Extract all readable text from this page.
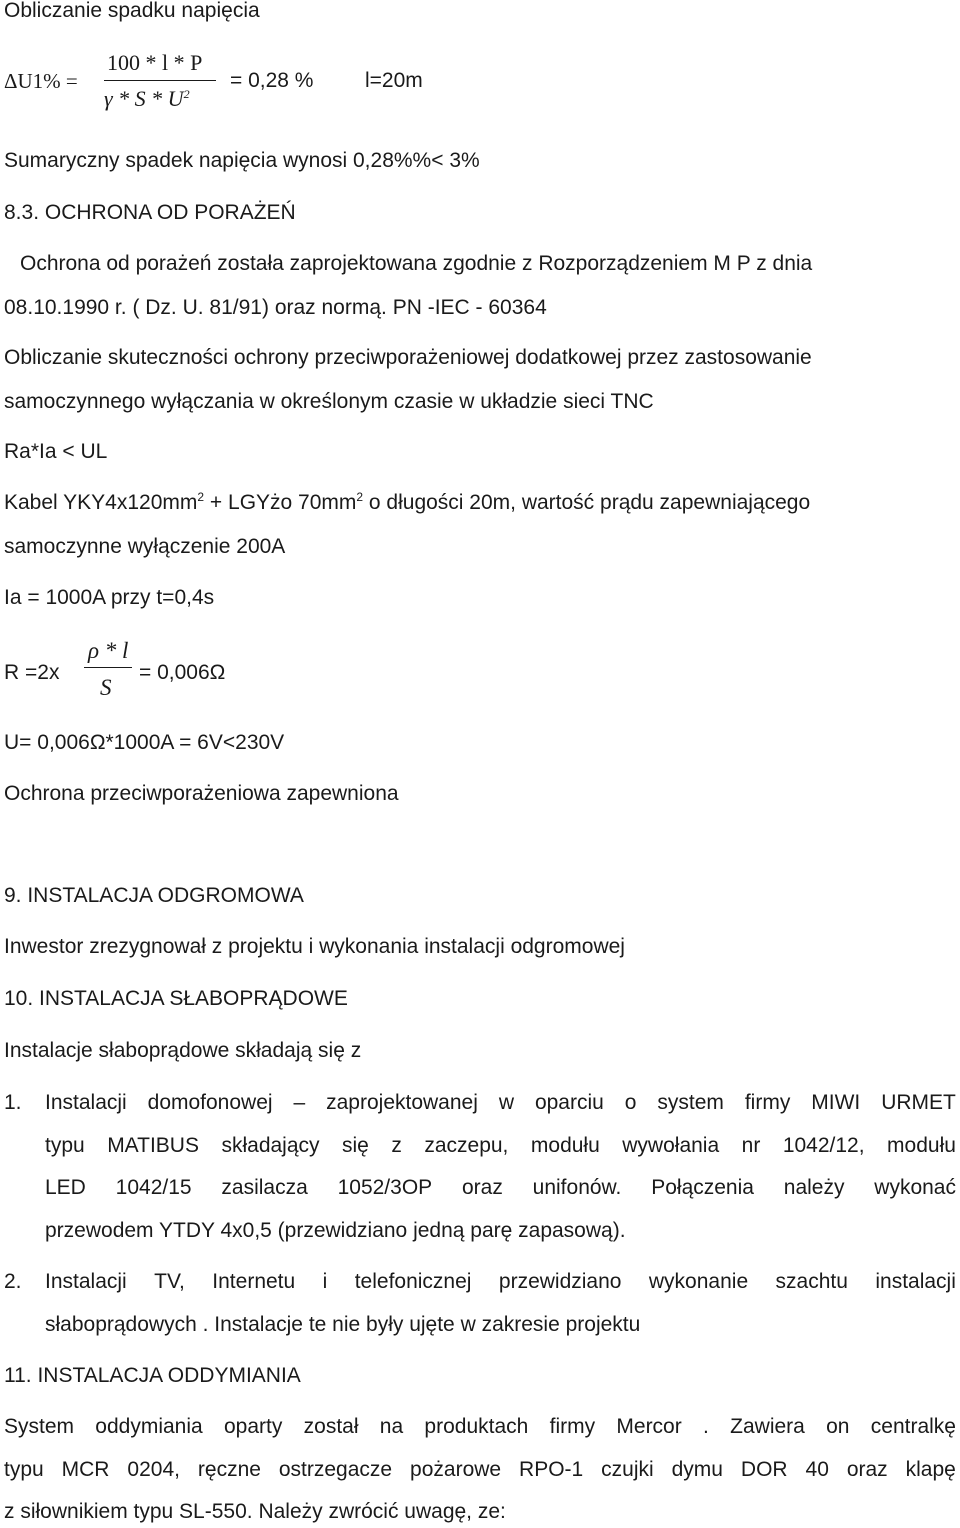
Obliczanie spadku napięcia
ΔU1% =
100 * l * P
γ * S * $U^2$
= 0,28 % l=20m
Sumaryczny spadek napięcia wynosi 0,28%%< 3%
8.3. OCHRONA OD PORAŻEŃ
Ochrona od porażeń została zaprojektowana zgodnie z Rozporządzeniem M P z dnia
08.10.1990 r. ( Dz. U. 81/91) oraz normą. PN -IEC - 60364
Obliczanie skuteczności ochrony przeciwporażeniowej dodatkowej przez zastosowanie
samoczynnego wyłączania w określonym czasie w układzie sieci TNC
Ra*Ia < UL
Kabel $YKY4x120mm^2$ + LGYżo $70mm^2$ o długości 20m, wartość prądu zapewniającego
samoczynne wyłączenie 200A
Ia = 1000A przy t=0,4s
R =2x
ρ * l
S
= 0,006Ω
U= 0,006Ω*1000A = 6V<230V
Ochrona przeciwporażeniowa zapewniona
9. INSTALACJA ODGROMOWA
Inwestor zrezygnował z projektu i wykonania instalacji odgromowej
10. INSTALACJA SŁABOPRĄDOWE
Instalacje słaboprądowe składają się z
1. Instalacji domofonowej – zaprojektowanej w oparciu o system firmy MIWI URMET
typu MATIBUS składający się z zaczepu, modułu wywołania nr 1042/12, modułu
LED 1042/15 zasilacza 1052/3OP oraz unifonów. Połączenia należy wykonać
przewodem YTDY 4x0,5 (przewidziano jedną parę zapasową).
2. Instalacji TV, Internetu i telefonicznej przewidziano wykonanie szachtu instalacji
słaboprądowych . Instalacje te nie były ujęte w zakresie projektu
11. INSTALACJA ODDYMIANIA
System oddymiania oparty został na produktach firmy Mercor . Zawiera on centralkę
typu MCR 0204, ręczne ostrzegacze pożarowe RPO-1 czujki dymu DOR 40 oraz klapę
z siłownikiem typu SL-550. Należy zwrócić uwagę, ze:
